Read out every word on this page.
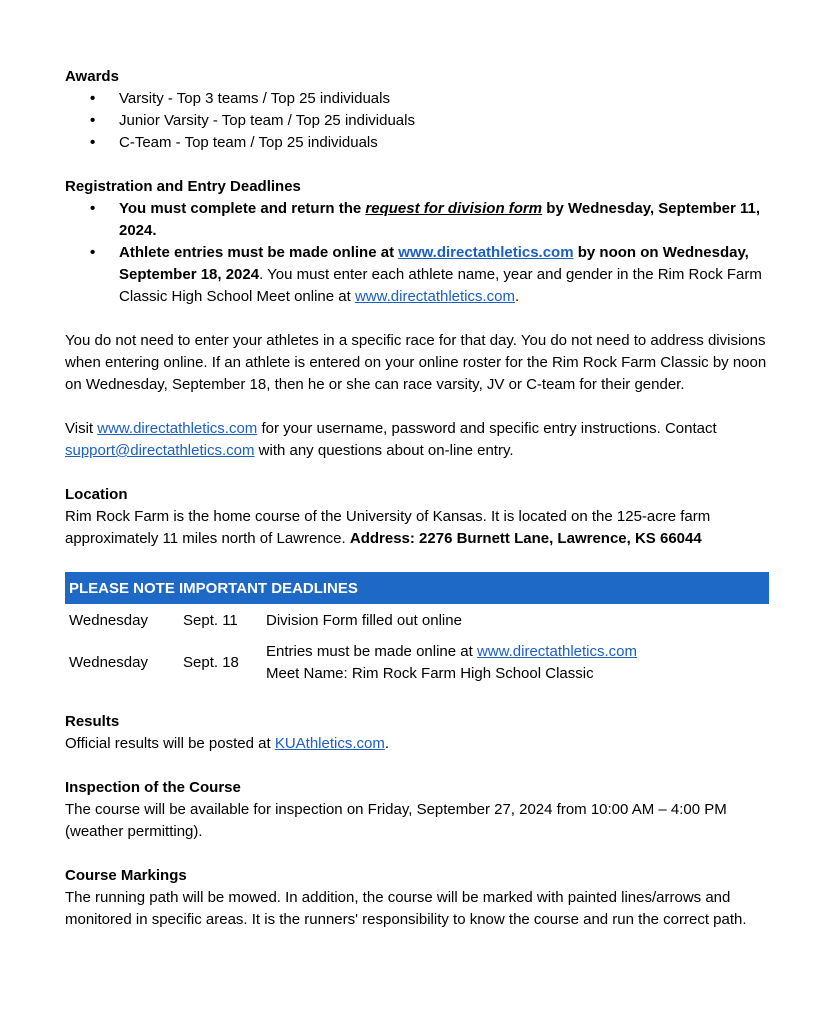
Awards
• Varsity - Top 3 teams / Top 25 individuals
• Junior Varsity - Top team / Top 25 individuals
• C-Team - Top team / Top 25 individuals
Registration and Entry Deadlines
• You must complete and return the request for division form by Wednesday, September 11, 2024.
• Athlete entries must be made online at www.directathletics.com by noon on Wednesday, September 18, 2024. You must enter each athlete name, year and gender in the Rim Rock Farm Classic High School Meet online at www.directathletics.com.

You do not need to enter your athletes in a specific race for that day. You do not need to address divisions when entering online. If an athlete is entered on your online roster for the Rim Rock Farm Classic by noon on Wednesday, September 18, then he or she can race varsity, JV or C-team for their gender.

Visit www.directathletics.com for your username, password and specific entry instructions. Contact support@directathletics.com with any questions about on-line entry.

Location

Rim Rock Farm is the home course of the University of Kansas. It is located on the 125-acre farm approximately 11 miles north of Lawrence. Address: 2276 Burnett Lane, Lawrence, KS 66044

PLEASE NOTE IMPORTANT DEADLINES
Wednesday	Sept. 11	Division Form filled out online
Wednesday	Sept. 18	Entries must be made online at www.directathletics.com
Meet Name: Rim Rock Farm High School Classic
Results

Official results will be posted at KUAthletics.com.

Inspection of the Course

The course will be available for inspection on Friday, September 27, 2024 from 10:00 AM – 4:00 PM (weather permitting).

Course Markings

The running path will be mowed. In addition, the course will be marked with painted lines/arrows and monitored in specific areas. It is the runners' responsibility to know the course and run the correct path.
